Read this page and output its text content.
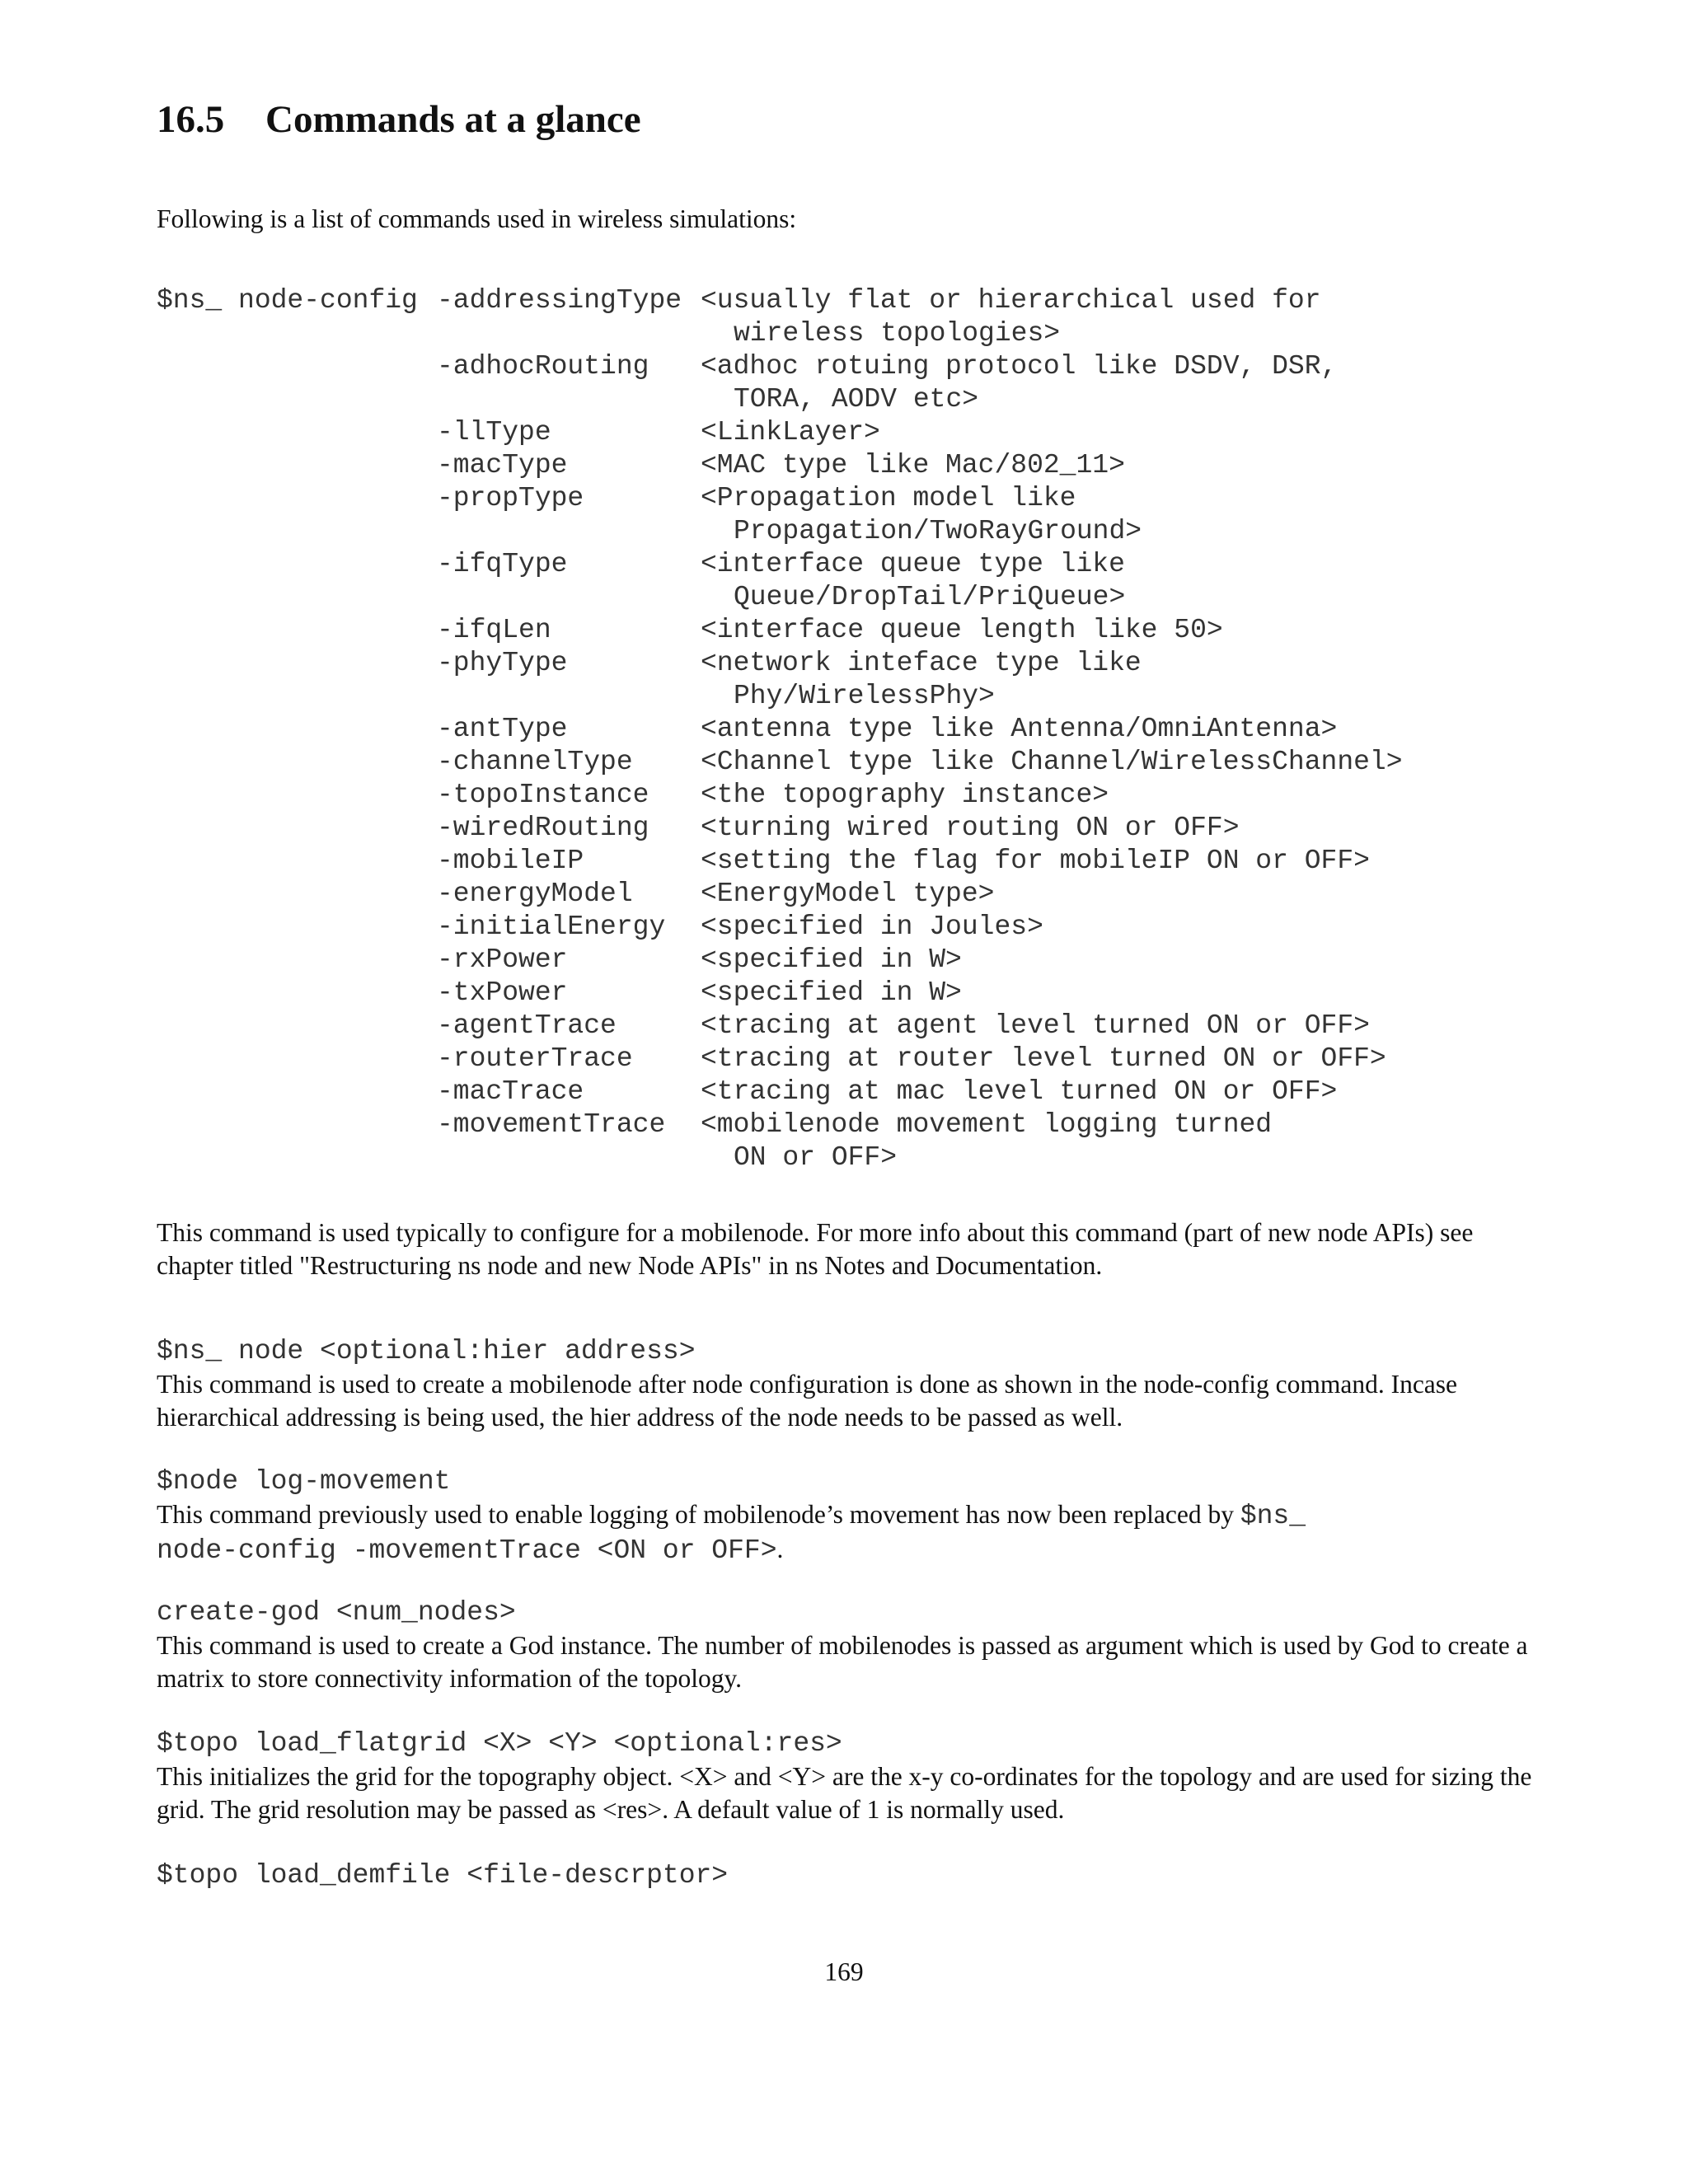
16.5 Commands at a glance

Following is a list of commands used in wireless simulations:

$ns_ node-config

-addressingType <usually flat or hierarchical used for
wireless topologies>
-adhocRouting <adhoc rotuing protocol like DSDV, DSR,
TORA, AODV etc>
-llType	<LinkLayer>
-macType	<MAC type like Mac/802_11>
-propType	<Propagation model like
Propagation/TwoRayGround>
-ifqType	<interface queue type like
Queue/DropTail/PriQueue>
-ifqLen	<interface queue length like 50>
-phyType	<network inteface type like
Phy/WirelessPhy>
-antType	<antenna type like Antenna/OmniAntenna>
-channelType <Channel type like Channel/WirelessChannel>
-topoInstance <the topography instance>
-wiredRouting <turning wired routing ON or OFF>
-mobileIP	<setting the flag for mobileIP ON or OFF>
-energyModel <EnergyModel type>
-initialEnergy <specified in Joules>
-rxPower	<specified in W>
-txPower	<specified in W>
-agentTrace	<tracing at agent level turned ON or OFF>
-routerTrace <tracing at router level turned ON or OFF>
-macTrace	<tracing at mac level turned ON or OFF>
-movementTrace <mobilenode movement logging turned
ON or OFF>

This command is used typically to configure for a mobilenode. For more info about this command (part of new node APIs) see chapter titled "Restructuring ns node and new Node APIs" in ns Notes and Documentation.

$ns_ node <optional:hier address>

This command is used to create a mobilenode after node configuration is done as shown in the node-config command. Incase hierarchical addressing is being used, the hier address of the node needs to be passed as well.

$node log-movement

This command previously used to enable logging of mobilenode’s movement has now been replaced by $ns_ node-config -movementTrace <ON or OFF>.

create-god <num_nodes>

This command is used to create a God instance. The number of mobilenodes is passed as argument which is used by God to create a matrix to store connectivity information of the topology.

$topo load_flatgrid <X> <Y> <optional:res>

This initializes the grid for the topography object. <X> and <Y> are the x-y co-ordinates for the topology and are used for sizing the grid. The grid resolution may be passed as <res>. A default value of 1 is normally used.

$topo load_demfile <file-descrptor>

169
